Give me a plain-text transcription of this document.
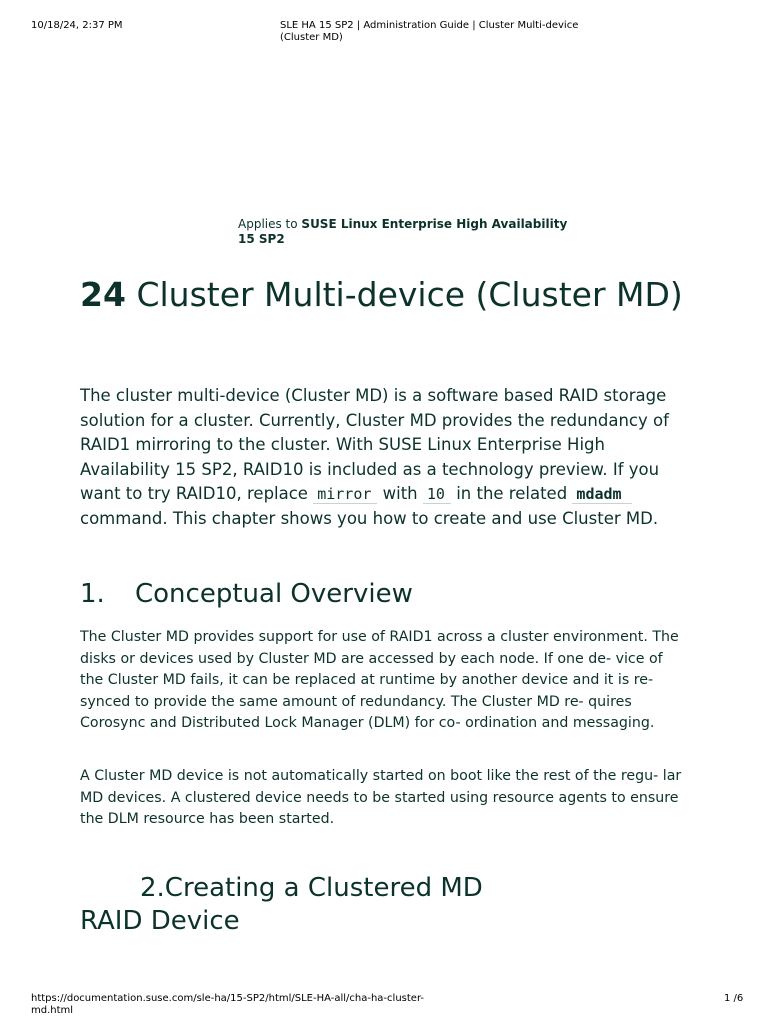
10/18/24, 2:37 PM	SLE HA 15 SP2 | Administration Guide | Cluster Multi-device (Cluster MD)
Applies to SUSE Linux Enterprise High Availability 15 SP2
24 Cluster Multi-device (Cluster MD)

The cluster multi-device (Cluster MD) is a software based RAID storage solution for a cluster. Currently, Cluster MD provides the redundancy of RAID1 mirroring to the cluster. With SUSE Linux Enterprise High Availability 15 SP2, RAID10 is included as a technology preview. If you want to try RAID10, replace mirror with 10 in the related mdadm command. This chapter shows you how to create and use Cluster MD.

1. Conceptual Overview

The Cluster MD provides support for use of RAID1 across a cluster environment. The disks or devices used by Cluster MD are accessed by each node. If one de- vice of the Cluster MD fails, it can be replaced at runtime by another device and it is re-synced to provide the same amount of redundancy. The Cluster MD re- quires Corosync and Distributed Lock Manager (DLM) for co- ordination and messaging.

A Cluster MD device is not automatically started on boot like the rest of the regu- lar MD devices. A clustered device needs to be started using resource agents to ensure the DLM resource has been started.

2.Creating a Clustered MD
RAID Device
https://documentation.suse.com/sle-ha/15-SP2/html/SLE-HA-all/cha-ha-cluster-md.html
1 /6
